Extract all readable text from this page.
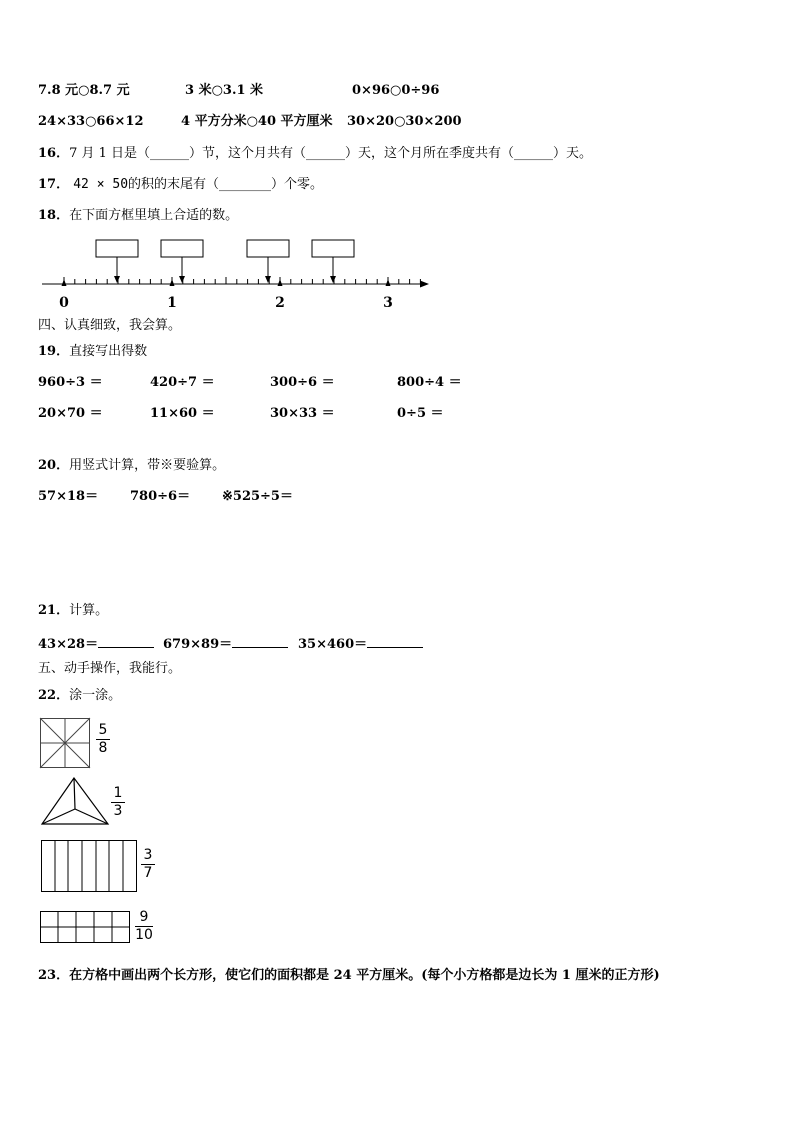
7.8 元○8.7 元	3 米○3.1 米	0×96○0÷96
24×33○66×12	4 平方分米○40 平方厘米 30×20○30×200
16．7 月 1 日是（______）节，这个月共有（______）天，这个月所在季度共有（______）天。
17． 42 × 50的积的末尾有（________）个零。
18．在下面方框里填上合适的数。
0	1	2	3
四、认真细致，我会算。
19．直接写出得数
960÷3 ＝	420÷7 ＝	300÷6 ＝	800÷4 ＝
20×70 ＝	11×60 ＝	30×33 ＝	0÷5 ＝
20．用竖式计算，带※要验算。
57×18＝ 780÷6＝ ※525÷5＝
21．计算。
43×28＝	679×89＝	35×460＝
五、动手操作，我能行。
22．涂一涂。
$\frac{5}{8}$
$\frac{1}{3}$
$\frac{3}{7}$
$\frac{9}{10}$
23．在方格中画出两个长方形，使它们的面积都是 24 平方厘米。(每个小方格都是边长为 1 厘米的正方形)
